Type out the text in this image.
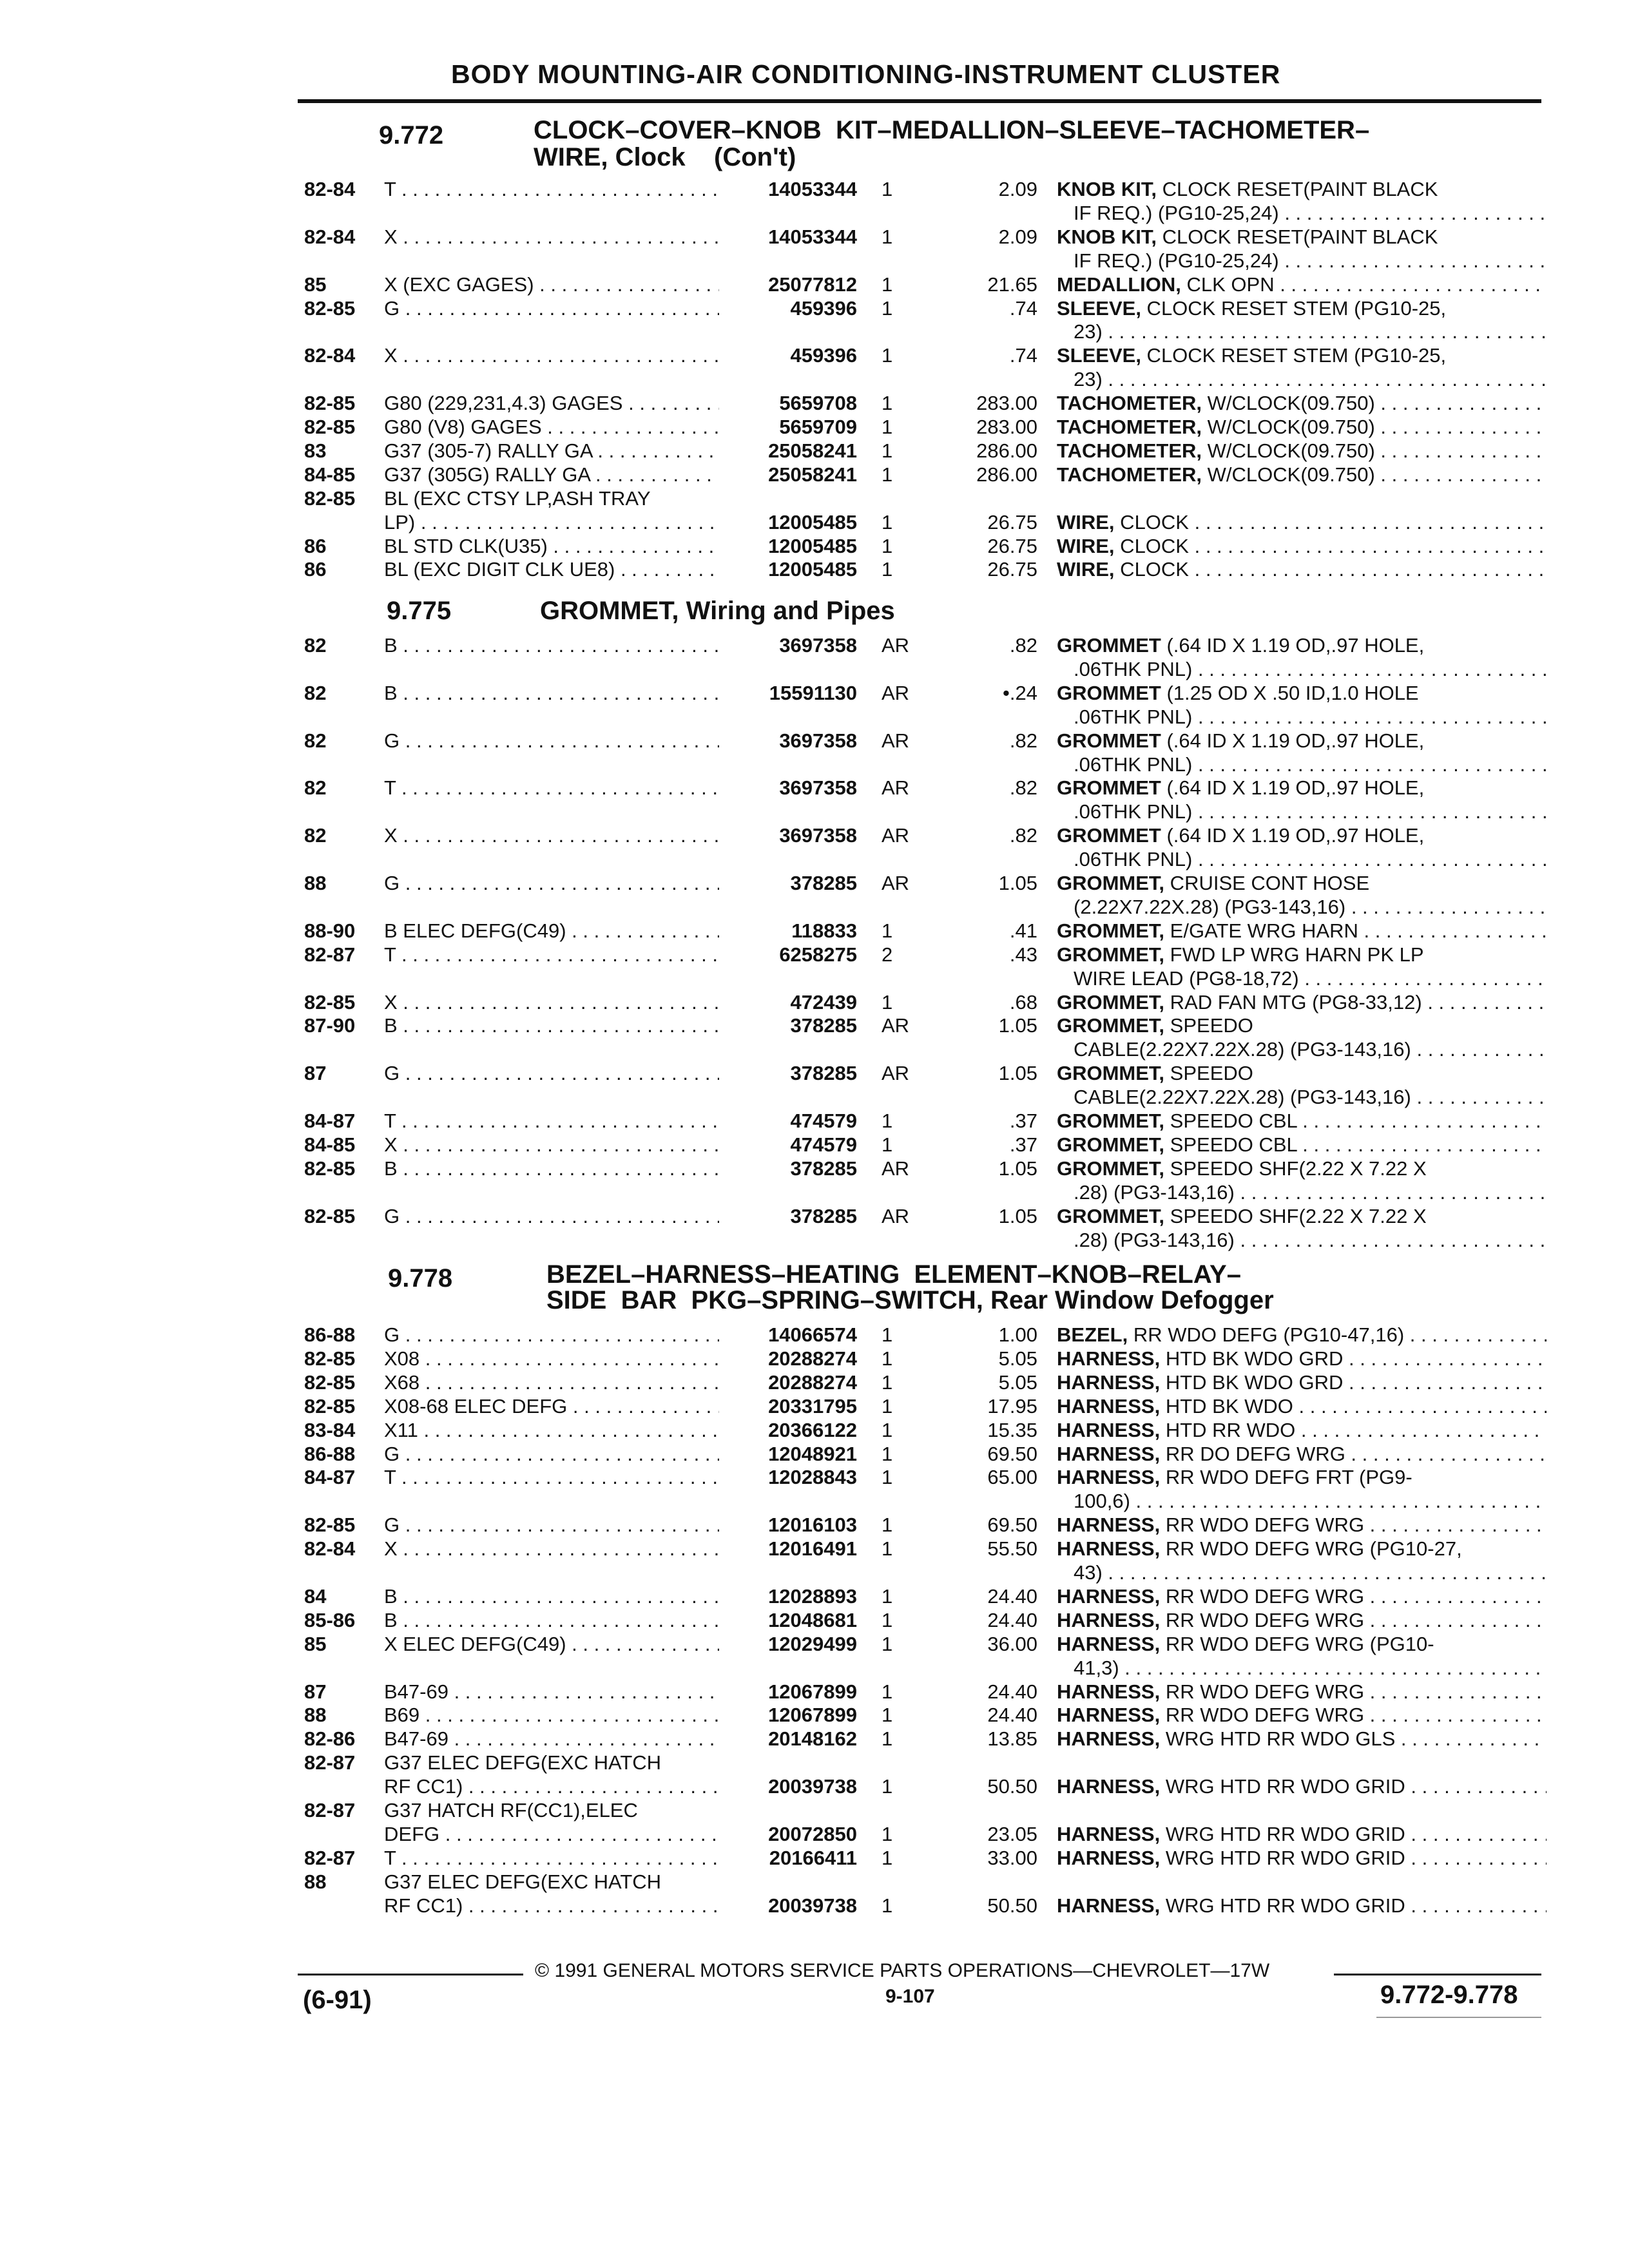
BODY MOUNTING-AIR CONDITIONING-INSTRUMENT CLUSTER
9.772	CLOCK–COVER–KNOB  KIT–MEDALLION–SLEEVE–TACHOMETER–
WIRE, Clock    (Con't)
82-84 T . . .	14053344 1	2.09 KNOB KIT, CLOCK RESET(PAINT BLACK
IF REQ.) (PG10-25,24) . . .
82-84 X . . .	14053344 1	2.09 KNOB KIT, CLOCK RESET(PAINT BLACK
IF REQ.) (PG10-25,24) . . .
85	X (EXC GAGES) . . .	25077812 1	21.65 MEDALLION, CLK OPN . . .
82-85 G . . .	459396 1	.74 SLEEVE, CLOCK RESET STEM (PG10-25,
23) . . .
82-84 X . . .	459396 1	.74 SLEEVE, CLOCK RESET STEM (PG10-25,
23) . . .
82-85 G80 (229,231,4.3) GAGES . . .	5659708 1	283.00 TACHOMETER, W/CLOCK(09.750) . . .
82-85 G80 (V8) GAGES . . .	5659709 1	283.00 TACHOMETER, W/CLOCK(09.750) . . .
83	G37 (305-7) RALLY GA . . .	25058241 1	286.00 TACHOMETER, W/CLOCK(09.750) . . .
84-85 G37 (305G) RALLY GA . . .	25058241 1	286.00 TACHOMETER, W/CLOCK(09.750) . . .
82-85 BL (EXC CTSY LP,ASH TRAY
LP) . . .	12005485 1	26.75 WIRE, CLOCK . . .
86	BL STD CLK(U35) . . .	12005485 1	26.75 WIRE, CLOCK . . .
86	BL (EXC DIGIT CLK UE8) . . .	12005485 1	26.75 WIRE, CLOCK . . .
9.775	GROMMET, Wiring and Pipes
82	B . . .	3697358 AR	.82 GROMMET (.64 ID X 1.19 OD,.97 HOLE,
.06THK PNL) . . .
82	B . . .	15591130 AR	•.24 GROMMET (1.25 OD X .50 ID,1.0 HOLE
.06THK PNL) . . .
82	G . . .	3697358 AR	.82 GROMMET (.64 ID X 1.19 OD,.97 HOLE,
.06THK PNL) . . .
82	T . . .	3697358 AR	.82 GROMMET (.64 ID X 1.19 OD,.97 HOLE,
.06THK PNL) . . .
82	X . . .	3697358 AR	.82 GROMMET (.64 ID X 1.19 OD,.97 HOLE,
.06THK PNL) . . .
88	G . . .	378285 AR	1.05 GROMMET, CRUISE CONT HOSE
(2.22X7.22X.28) (PG3-143,16) . . .
88-90 B ELEC DEFG(C49) . . .	118833 1	.41 GROMMET, E/GATE WRG HARN . . .
82-87 T . . .	6258275 2	.43 GROMMET, FWD LP WRG HARN PK LP
WIRE LEAD (PG8-18,72) . . .
82-85 X . . .	472439 1	.68 GROMMET, RAD FAN MTG (PG8-33,12) . . .
87-90 B . . .	378285 AR	1.05 GROMMET, SPEEDO
CABLE(2.22X7.22X.28) (PG3-143,16) . . .
87	G . . .	378285 AR	1.05 GROMMET, SPEEDO
CABLE(2.22X7.22X.28) (PG3-143,16) . . .
84-87 T . . .	474579 1	.37 GROMMET, SPEEDO CBL . . .
84-85 X . . .	474579 1	.37 GROMMET, SPEEDO CBL . . .
82-85 B . . .	378285 AR	1.05 GROMMET, SPEEDO SHF(2.22 X 7.22 X
.28) (PG3-143,16) . . .
82-85 G . . .	378285 AR	1.05 GROMMET, SPEEDO SHF(2.22 X 7.22 X
.28) (PG3-143,16) . . .
9.778	BEZEL–HARNESS–HEATING  ELEMENT–KNOB–RELAY–
SIDE  BAR  PKG–SPRING–SWITCH, Rear Window Defogger
86-88 G . . .	14066574 1	1.00 BEZEL, RR WDO DEFG (PG10-47,16) . . .
82-85 X08 . . .	20288274 1	5.05 HARNESS, HTD BK WDO GRD . . .
82-85 X68 . . .	20288274 1	5.05 HARNESS, HTD BK WDO GRD . . .
82-85 X08-68 ELEC DEFG . . .	20331795 1	17.95 HARNESS, HTD BK WDO . . .
83-84 X11 . . .	20366122 1	15.35 HARNESS, HTD RR WDO . . .
86-88 G . . .	12048921 1	69.50 HARNESS, RR DO DEFG WRG . . .
84-87 T . . .	12028843 1	65.00 HARNESS, RR WDO DEFG FRT (PG9-
100,6) . . .
82-85 G . . .	12016103 1	69.50 HARNESS, RR WDO DEFG WRG . . .
82-84 X . . .	12016491 1	55.50 HARNESS, RR WDO DEFG WRG (PG10-27,
43) . . .
84	B . . .	12028893 1	24.40 HARNESS, RR WDO DEFG WRG . . .
85-86 B . . .	12048681 1	24.40 HARNESS, RR WDO DEFG WRG . . .
85	X ELEC DEFG(C49) . . .	12029499 1	36.00 HARNESS, RR WDO DEFG WRG (PG10-
41,3) . . .
87	B47-69 . . .	12067899 1	24.40 HARNESS, RR WDO DEFG WRG . . .
88	B69 . . .	12067899 1	24.40 HARNESS, RR WDO DEFG WRG . . .
82-86 B47-69 . . .	20148162 1	13.85 HARNESS, WRG HTD RR WDO GLS . . .
82-87 G37 ELEC DEFG(EXC HATCH
RF CC1) . . .	20039738 1	50.50 HARNESS, WRG HTD RR WDO GRID . . .
82-87 G37 HATCH RF(CC1),ELEC
DEFG . . .	20072850 1	23.05 HARNESS, WRG HTD RR WDO GRID . . .
82-87 T . . .	20166411 1	33.00 HARNESS, WRG HTD RR WDO GRID . . .
88	G37 ELEC DEFG(EXC HATCH
RF CC1) . . .	20039738 1	50.50 HARNESS, WRG HTD RR WDO GRID . . .
© 1991 GENERAL MOTORS SERVICE PARTS OPERATIONS—CHEVROLET—17W
(6-91)	9-107	9.772-9.778
